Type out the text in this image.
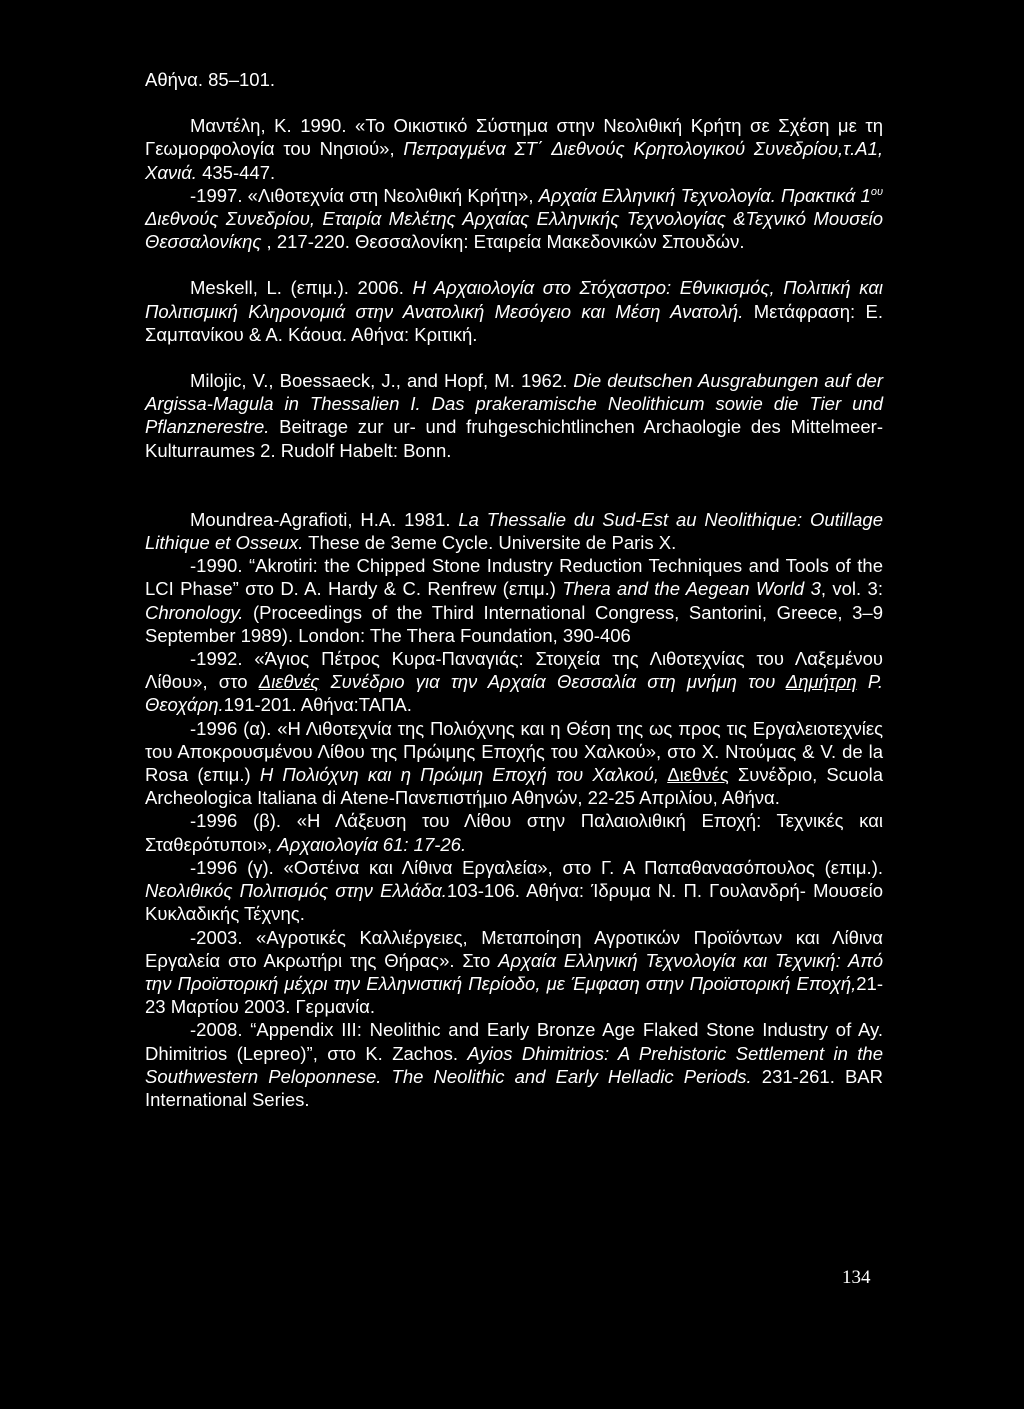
Αθήνα. 85–101.

Μαντέλη, Κ. 1990. «Το Οικιστικό Σύστημα στην Νεολιθική Κρήτη σε Σχέση με τη Γεωμορφολογία του Νησιού», Πεπραγμένα ΣΤ΄ Διεθνούς Κρητολογικού Συνεδρίου,τ.Α1, Χανιά. 435-447.

-1997. «Λιθοτεχνία στη Νεολιθική Κρήτη», Αρχαία Ελληνική Τεχνολογία. Πρακτικά $1^{o\upsilon}$ Διεθνούς Συνεδρίου, Εταιρία Μελέτης Αρχαίας Ελληνικής Τεχνολογίας &Τεχνικό Μουσείο Θεσσαλονίκης , 217-220. Θεσσαλονίκη: Εταιρεία Μακεδονικών Σπουδών.

Meskell, L. (επιμ.). 2006. Η Αρχαιολογία στο Στόχαστρο: Εθνικισμός, Πολιτική και Πολιτισμική Κληρονομιά στην Ανατολική Μεσόγειο και Μέση Ανατολή. Μετάφραση: Ε. Σαμπανίκου & Α. Κάουα. Αθήνα: Κριτική.

Milojic, V., Boessaeck, J., and Hopf, M. 1962. Die deutschen Ausgrabungen auf der Argissa-Magula in Thessalien I. Das prakeramische Neolithicum sowie die Tier und Pflanznerestre. Beitrage zur ur- und fruhgeschichtlinchen Archaologie des Mittelmeer-Kulturraumes 2. Rudolf Habelt: Bonn.

Moundrea-Agrafioti, H.A. 1981. La Thessalie du Sud-Est au Neolithique: Outillage Lithique et Osseux. These de 3eme Cycle. Universite de Paris X.

-1990. “Akrotiri: the Chipped Stone Industry Reduction Techniques and Tools of the LCI Phase” στο D. A. Hardy & C. Renfrew (επιμ.) Thera and the Aegean World 3, vol. 3: Chronology. (Proceedings of the Third International Congress, Santorini, Greece, 3–9 September 1989). London: The Thera Foundation, 390-406

-1992. «Άγιος Πέτρος Κυρα-Παναγιάς: Στοιχεία της Λιθοτεχνίας του Λαξεμένου Λίθου», στο Διεθνές Συνέδριο για την Αρχαία Θεσσαλία στη μνήμη του Δημήτρη Ρ. Θεοχάρη.191-201. Αθήνα:ΤΑΠΑ.

-1996 (α). «Η Λιθοτεχνία της Πολιόχνης και η Θέση της ως προς τις Εργαλειοτεχνίες του Αποκρουσμένου Λίθου της Πρώιμης Εποχής του Χαλκού», στο Χ. Ντούμας & V. de la Rosa (επιμ.) Η Πολιόχνη και η Πρώιμη Εποχή του Χαλκού, Διεθνές Συνέδριο, Scuola Archeologica Italiana di Atene-Πανεπιστήμιο Αθηνών, 22-25 Απριλίου, Αθήνα.

-1996 (β). «Η Λάξευση του Λίθου στην Παλαιολιθική Εποχή: Τεχνικές και Σταθερότυποι», Αρχαιολογία 61: 17-26.

-1996 (γ). «Οστέινα και Λίθινα Εργαλεία», στο Γ. Α Παπαθανασόπουλος (επιμ.). Νεολιθικός Πολιτισμός στην Ελλάδα.103-106. Αθήνα: Ίδρυμα Ν. Π. Γουλανδρή- Μουσείο Κυκλαδικής Τέχνης.

-2003. «Αγροτικές Καλλιέργειες, Μεταποίηση Αγροτικών Προϊόντων και Λίθινα Εργαλεία στο Ακρωτήρι της Θήρας». Στο Αρχαία Ελληνική Τεχνολογία και Τεχνική: Από την Προϊστορική μέχρι την Ελληνιστική Περίοδο, με Έμφαση στην Προϊστορική Εποχή,21-23 Μαρτίου 2003. Γερμανία.

-2008. “Appendix III: Neolithic and Early Bronze Age Flaked Stone Industry of Ay. Dhimitrios (Lepreo)”, στο K. Zachos. Ayios Dhimitrios: A Prehistoric Settlement in the Southwestern Peloponnese. The Neolithic and Early Helladic Periods. 231-261. BAR International Series.

134
